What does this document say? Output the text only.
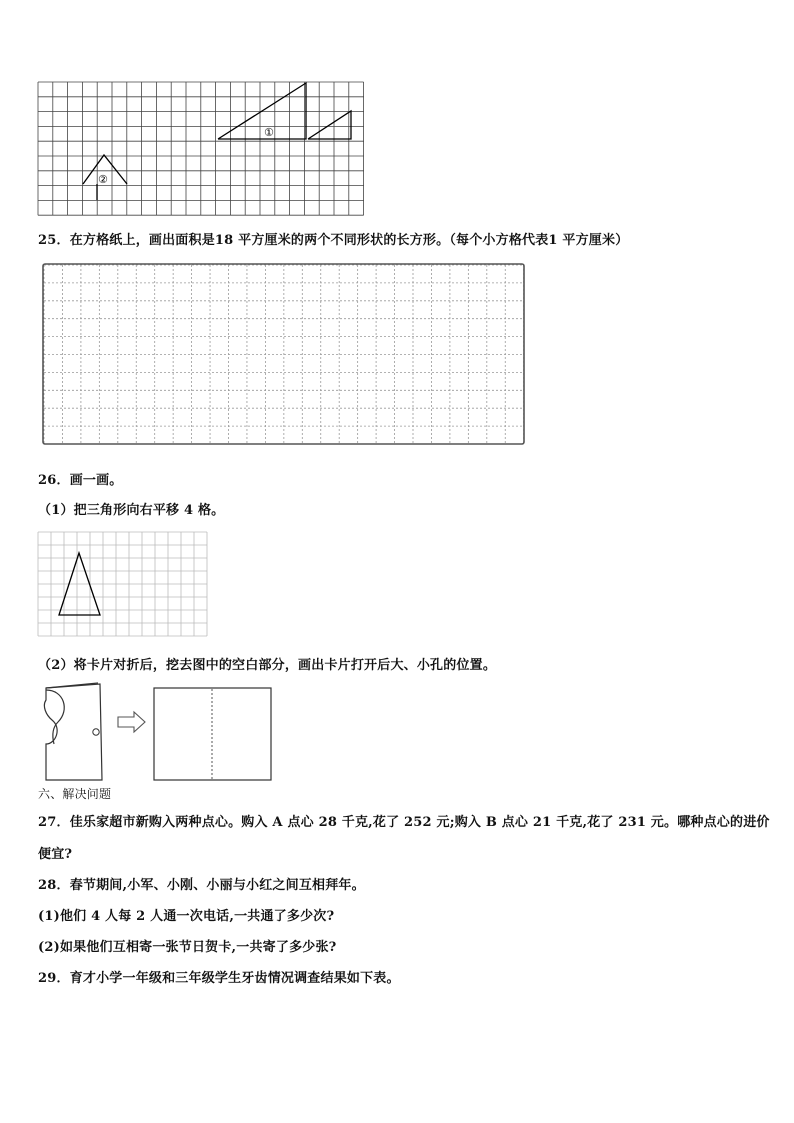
①
②
25．在方格纸上，画出面积是18 平方厘米的两个不同形状的长方形。（每个小方格代表1 平方厘米）
26．画一画。
（1）把三角形向右平移 4 格。
（2）将卡片对折后，挖去图中的空白部分，画出卡片打开后大、小孔的位置。
六、解决问题
27．佳乐家超市新购入两种点心。购入 A 点心 28 千克,花了 252 元;购入 B 点心 21 千克,花了 231 元。哪种点心的进价
便宜?
28．春节期间,小军、小刚、小丽与小红之间互相拜年。
(1)他们 4 人每 2 人通一次电话,一共通了多少次?
(2)如果他们互相寄一张节日贺卡,一共寄了多少张?
29．育才小学一年级和三年级学生牙齿情况调查结果如下表。
